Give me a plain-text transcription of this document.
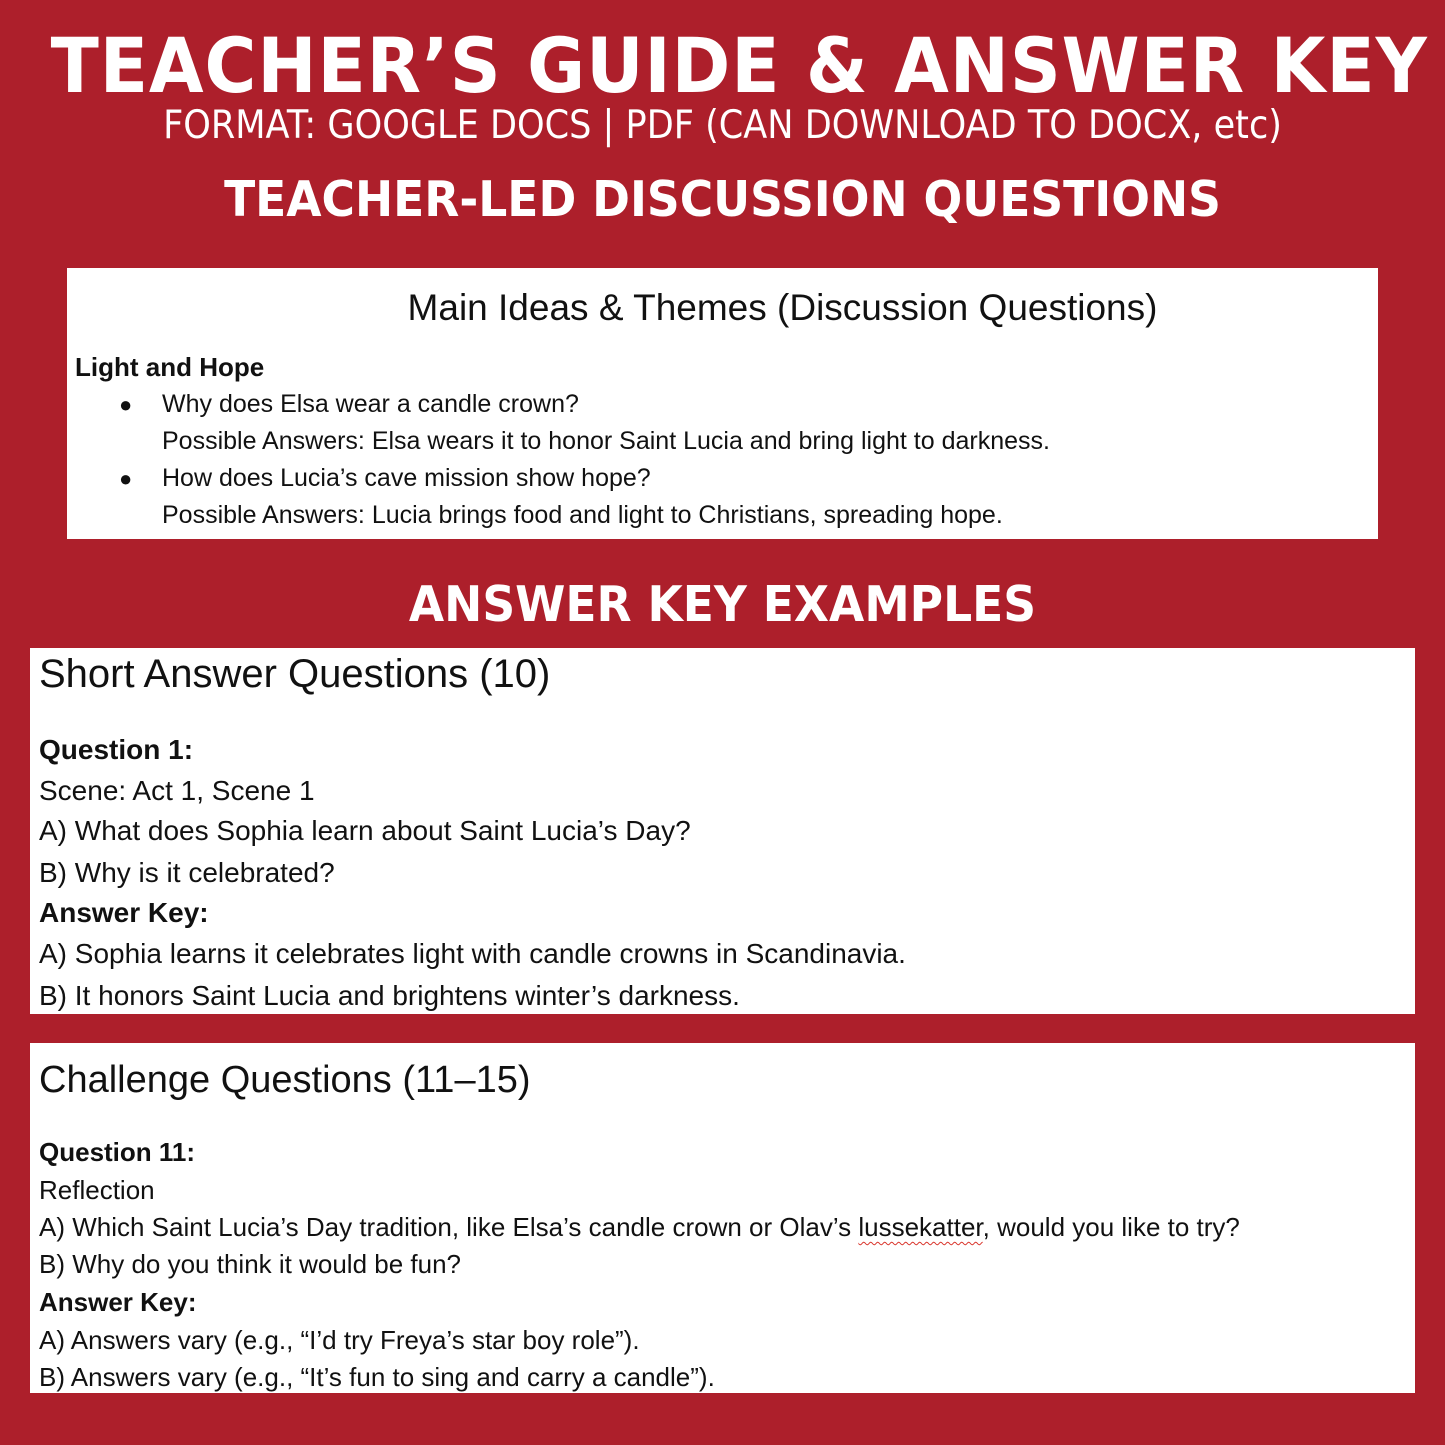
TEACHER’S GUIDE & ANSWER KEY
FORMAT: GOOGLE DOCS | PDF (CAN DOWNLOAD TO DOCX, etc)
TEACHER-LED DISCUSSION QUESTIONS
Main Ideas & Themes (Discussion Questions)
Light and Hope
● Why does Elsa wear a candle crown?
Possible Answers: Elsa wears it to honor Saint Lucia and bring light to darkness.
● How does Lucia’s cave mission show hope?
Possible Answers: Lucia brings food and light to Christians, spreading hope.
ANSWER KEY EXAMPLES
Short Answer Questions (10)
Question 1:
Scene: Act 1, Scene 1
A) What does Sophia learn about Saint Lucia’s Day?
B) Why is it celebrated?
Answer Key:
A) Sophia learns it celebrates light with candle crowns in Scandinavia.
B) It honors Saint Lucia and brightens winter’s darkness.
Challenge Questions (11–15)
Question 11:
Reflection
A) Which Saint Lucia’s Day tradition, like Elsa’s candle crown or Olav’s lussekatter, would you like to try?
B) Why do you think it would be fun?
Answer Key:
A) Answers vary (e.g., “I’d try Freya’s star boy role”).
B) Answers vary (e.g., “It’s fun to sing and carry a candle”).
